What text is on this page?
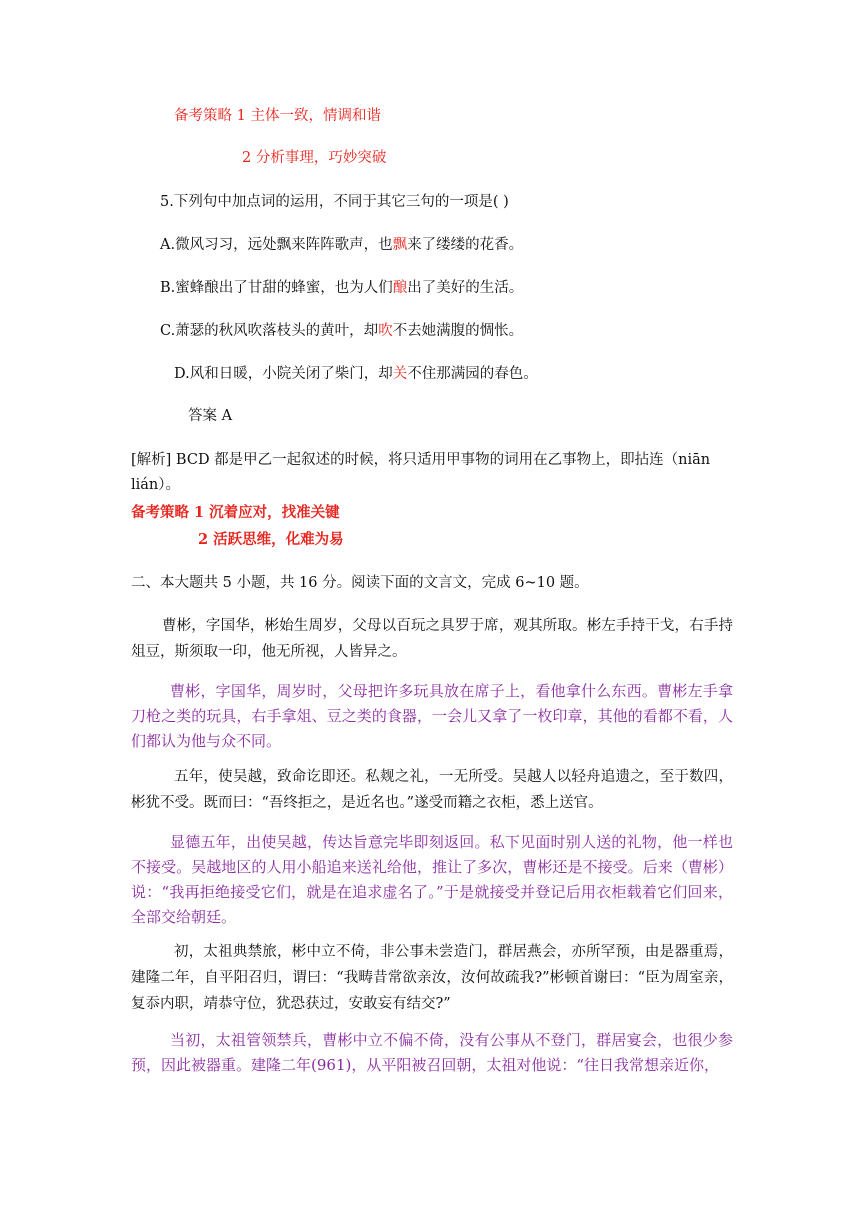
备考策略 1 主体一致，情调和谐
2 分析事理，巧妙突破
5.下列句中加点词的运用，不同于其它三句的一项是( )
A.微风习习，远处飘来阵阵歌声，也飘来了缕缕的花香。
B.蜜蜂酿出了甘甜的蜂蜜，也为人们酿出了美好的生活。
C.萧瑟的秋风吹落枝头的黄叶，却吹不去她满腹的惆怅。
D.风和日暖，小院关闭了柴门，却关不住那满园的春色。
答案 A
[解析] BCD 都是甲乙一起叙述的时候，将只适用甲事物的词用在乙事物上，即拈连（niān
lián）。
备考策略 1 沉着应对，找准关键
2 活跃思维，化难为易
二、本大题共 5 小题，共 16 分。阅读下面的文言文，完成 6~10 题。
曹彬，字国华，彬始生周岁，父母以百玩之具罗于席，观其所取。彬左手持干戈，右手持俎豆，斯须取一印，他无所视，人皆异之。
曹彬，字国华，周岁时，父母把许多玩具放在席子上，看他拿什么东西。曹彬左手拿刀枪之类的玩具，右手拿俎、豆之类的食器，一会儿又拿了一枚印章，其他的看都不看，人们都认为他与众不同。
五年，使吴越，致命讫即还。私觌之礼，一无所受。吴越人以轻舟追遗之，至于数四，彬犹不受。既而曰：“吾终拒之，是近名也。”遂受而籍之衣柜，悉上送官。
显德五年，出使吴越，传达旨意完毕即刻返回。私下见面时别人送的礼物，他一样也不接受。吴越地区的人用小船追来送礼给他，推让了多次，曹彬还是不接受。后来（曹彬）说：“我再拒绝接受它们，就是在追求虚名了。”于是就接受并登记后用衣柜载着它们回来，全部交给朝廷。
初，太祖典禁旅，彬中立不倚，非公事未尝造门，群居燕会，亦所罕预，由是器重焉，建隆二年，自平阳召归，谓曰：“我畴昔常欲亲汝，汝何故疏我?”彬顿首谢曰：“臣为周室亲，复忝内职，靖恭守位，犹恐获过，安敢妄有结交?”
当初，太祖管领禁兵，曹彬中立不偏不倚，没有公事从不登门，群居宴会，也很少参预，因此被器重。建隆二年(961)，从平阳被召回朝，太祖对他说：“往日我常想亲近你，
